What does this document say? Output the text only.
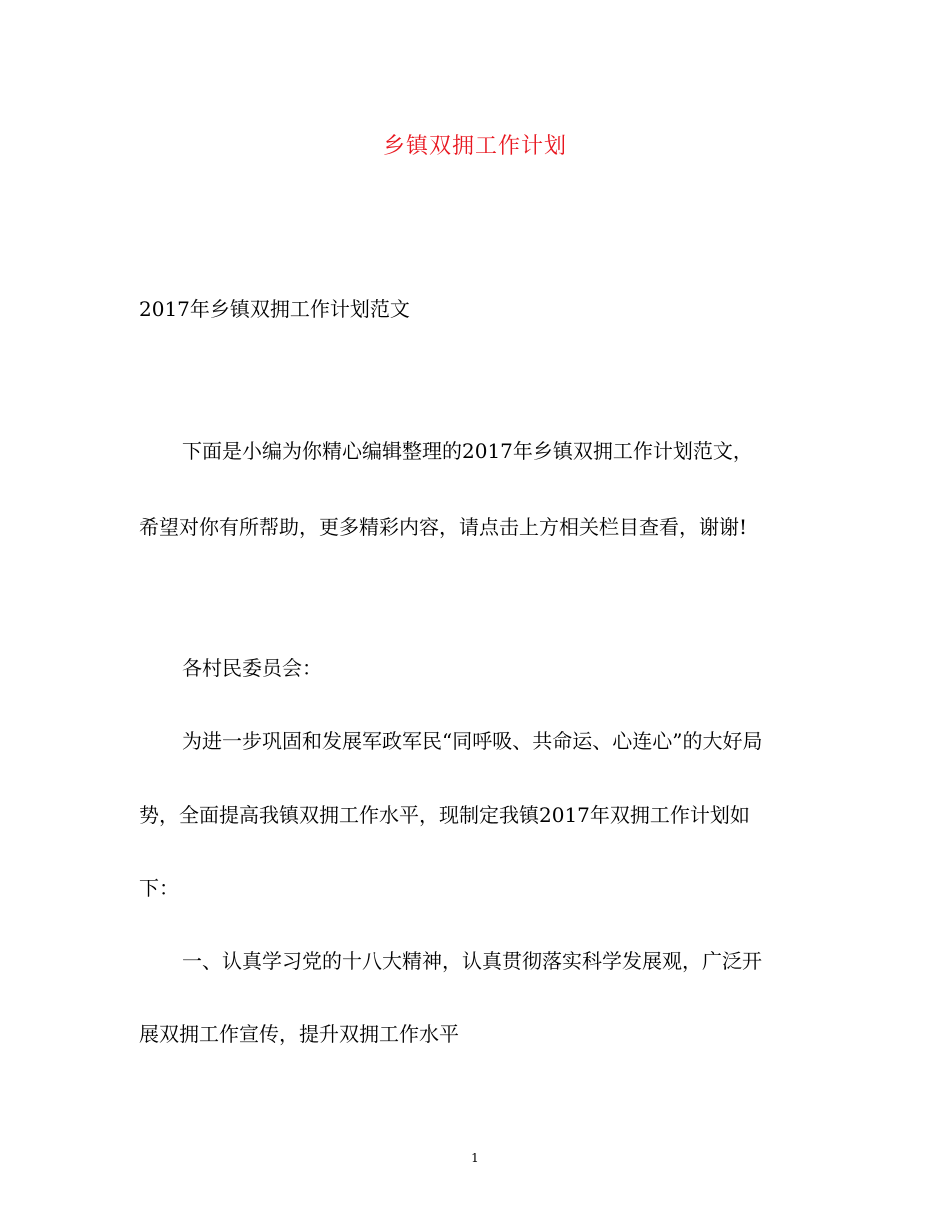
乡镇双拥工作计划

2017年乡镇双拥工作计划范文

下面是小编为你精心编辑整理的2017年乡镇双拥工作计划范文，

希望对你有所帮助，更多精彩内容，请点击上方相关栏目查看，谢谢!

各村民委员会：

为进一步巩固和发展军政军民“同呼吸、共命运、心连心”的大好局

势，全面提高我镇双拥工作水平，现制定我镇2017年双拥工作计划如

下：

一、认真学习党的十八大精神，认真贯彻落实科学发展观，广泛开

展双拥工作宣传，提升双拥工作水平

1
